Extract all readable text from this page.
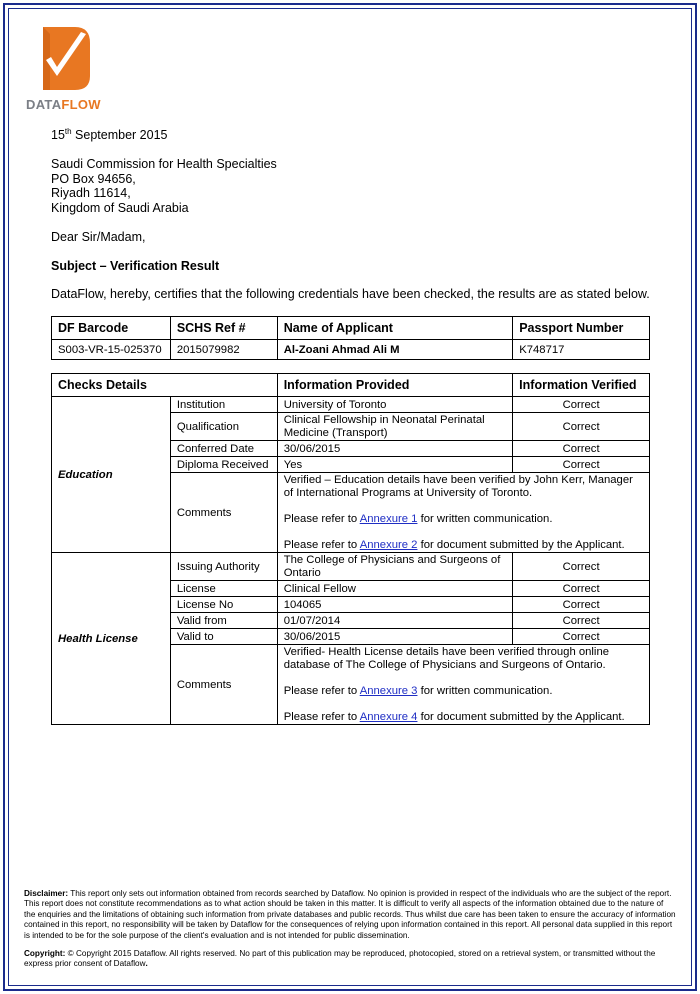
DATAFLOW
15th September 2015
Saudi Commission for Health Specialties
PO Box 94656,
Riyadh 11614,
Kingdom of Saudi Arabia
Dear Sir/Madam,
Subject – Verification Result
DataFlow, hereby, certifies that the following credentials have been checked, the results are as stated below.
DF Barcode	SCHS Ref #	Name of Applicant	Passport Number
S003-VR-15-025370	2015079982	Al-Zoani Ahmad Ali M	K748717
Checks Details		Information Provided	Information Verified
Education	Institution	University of Toronto	Correct
	Qualification	Clinical Fellowship in Neonatal Perinatal Medicine (Transport)	Correct
	Conferred Date	30/06/2015	Correct
	Diploma Received	Yes	Correct
	Comments	Verified – Education details have been verified by John Kerr, Manager of International Programs at University of Toronto.

Please refer to Annexure 1 for written communication.

Please refer to Annexure 2 for document submitted by the Applicant.	

Health License	Issuing Authority	The College of Physicians and Surgeons of Ontario	Correct
	License	Clinical Fellow	Correct
	License No	104065	Correct
	Valid from	01/07/2014	Correct
	Valid to	30/06/2015	Correct
	Comments	Verified- Health License details have been verified through online database of The College of Physicians and Surgeons of Ontario.

Please refer to Annexure 3 for written communication.

Please refer to Annexure 4 for document submitted by the Applicant.	

Disclaimer: This report only sets out information obtained from records searched by Dataflow. No opinion is provided in respect of the individuals who are the subject of the report. This report does not constitute recommendations as to what action should be taken in this matter. It is difficult to verify all aspects of the information obtained due to the nature of the enquiries and the limitations of obtaining such information from private databases and public records. Thus whilst due care has been taken to ensure the accuracy of information contained in this report, no responsibility will be taken by Dataflow for the consequences of relying upon information contained in this report. All personal data supplied in this report is intended to be for the sole purpose of the client's evaluation and is not intended for public dissemination.
Copyright: © Copyright 2015 Dataflow. All rights reserved. No part of this publication may be reproduced, photocopied, stored on a retrieval system, or transmitted without the express prior consent of Dataflow.
